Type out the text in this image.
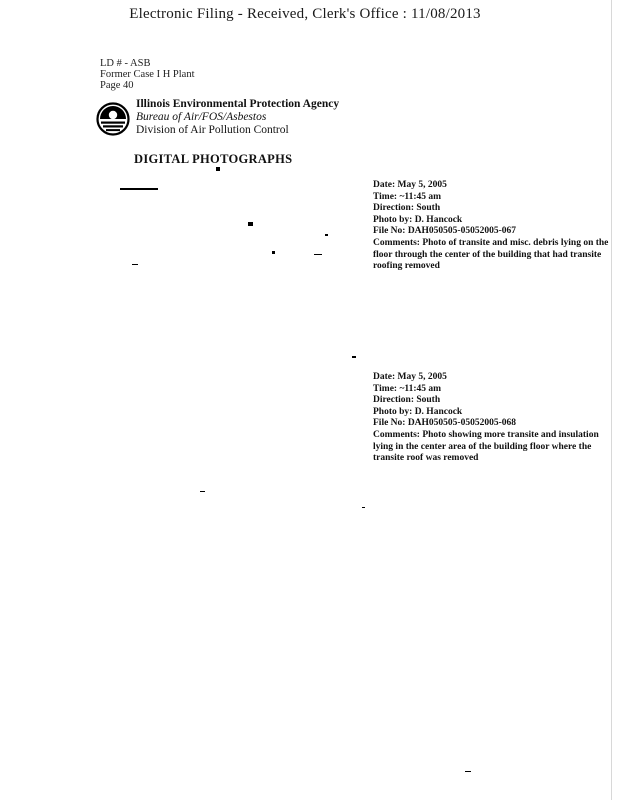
Electronic Filing - Received, Clerk's Office : 11/08/2013
LD # - ASB
Former Case I H Plant
Page 40
Illinois Environmental Protection Agency
Bureau of Air/FOS/Asbestos
Division of Air Pollution Control
DIGITAL PHOTOGRAPHS
Date: May 5, 2005
Time: ~11:45 am
Direction: South
Photo by: D. Hancock
File No: DAH050505-05052005-067
Comments: Photo of transite and misc. debris lying on the floor through the center of the building that had transite roofing removed
Date: May 5, 2005
Time: ~11:45 am
Direction: South
Photo by: D. Hancock
File No: DAH050505-05052005-068
Comments: Photo showing more transite and insulation lying in the center area of the building floor where the transite roof was removed
